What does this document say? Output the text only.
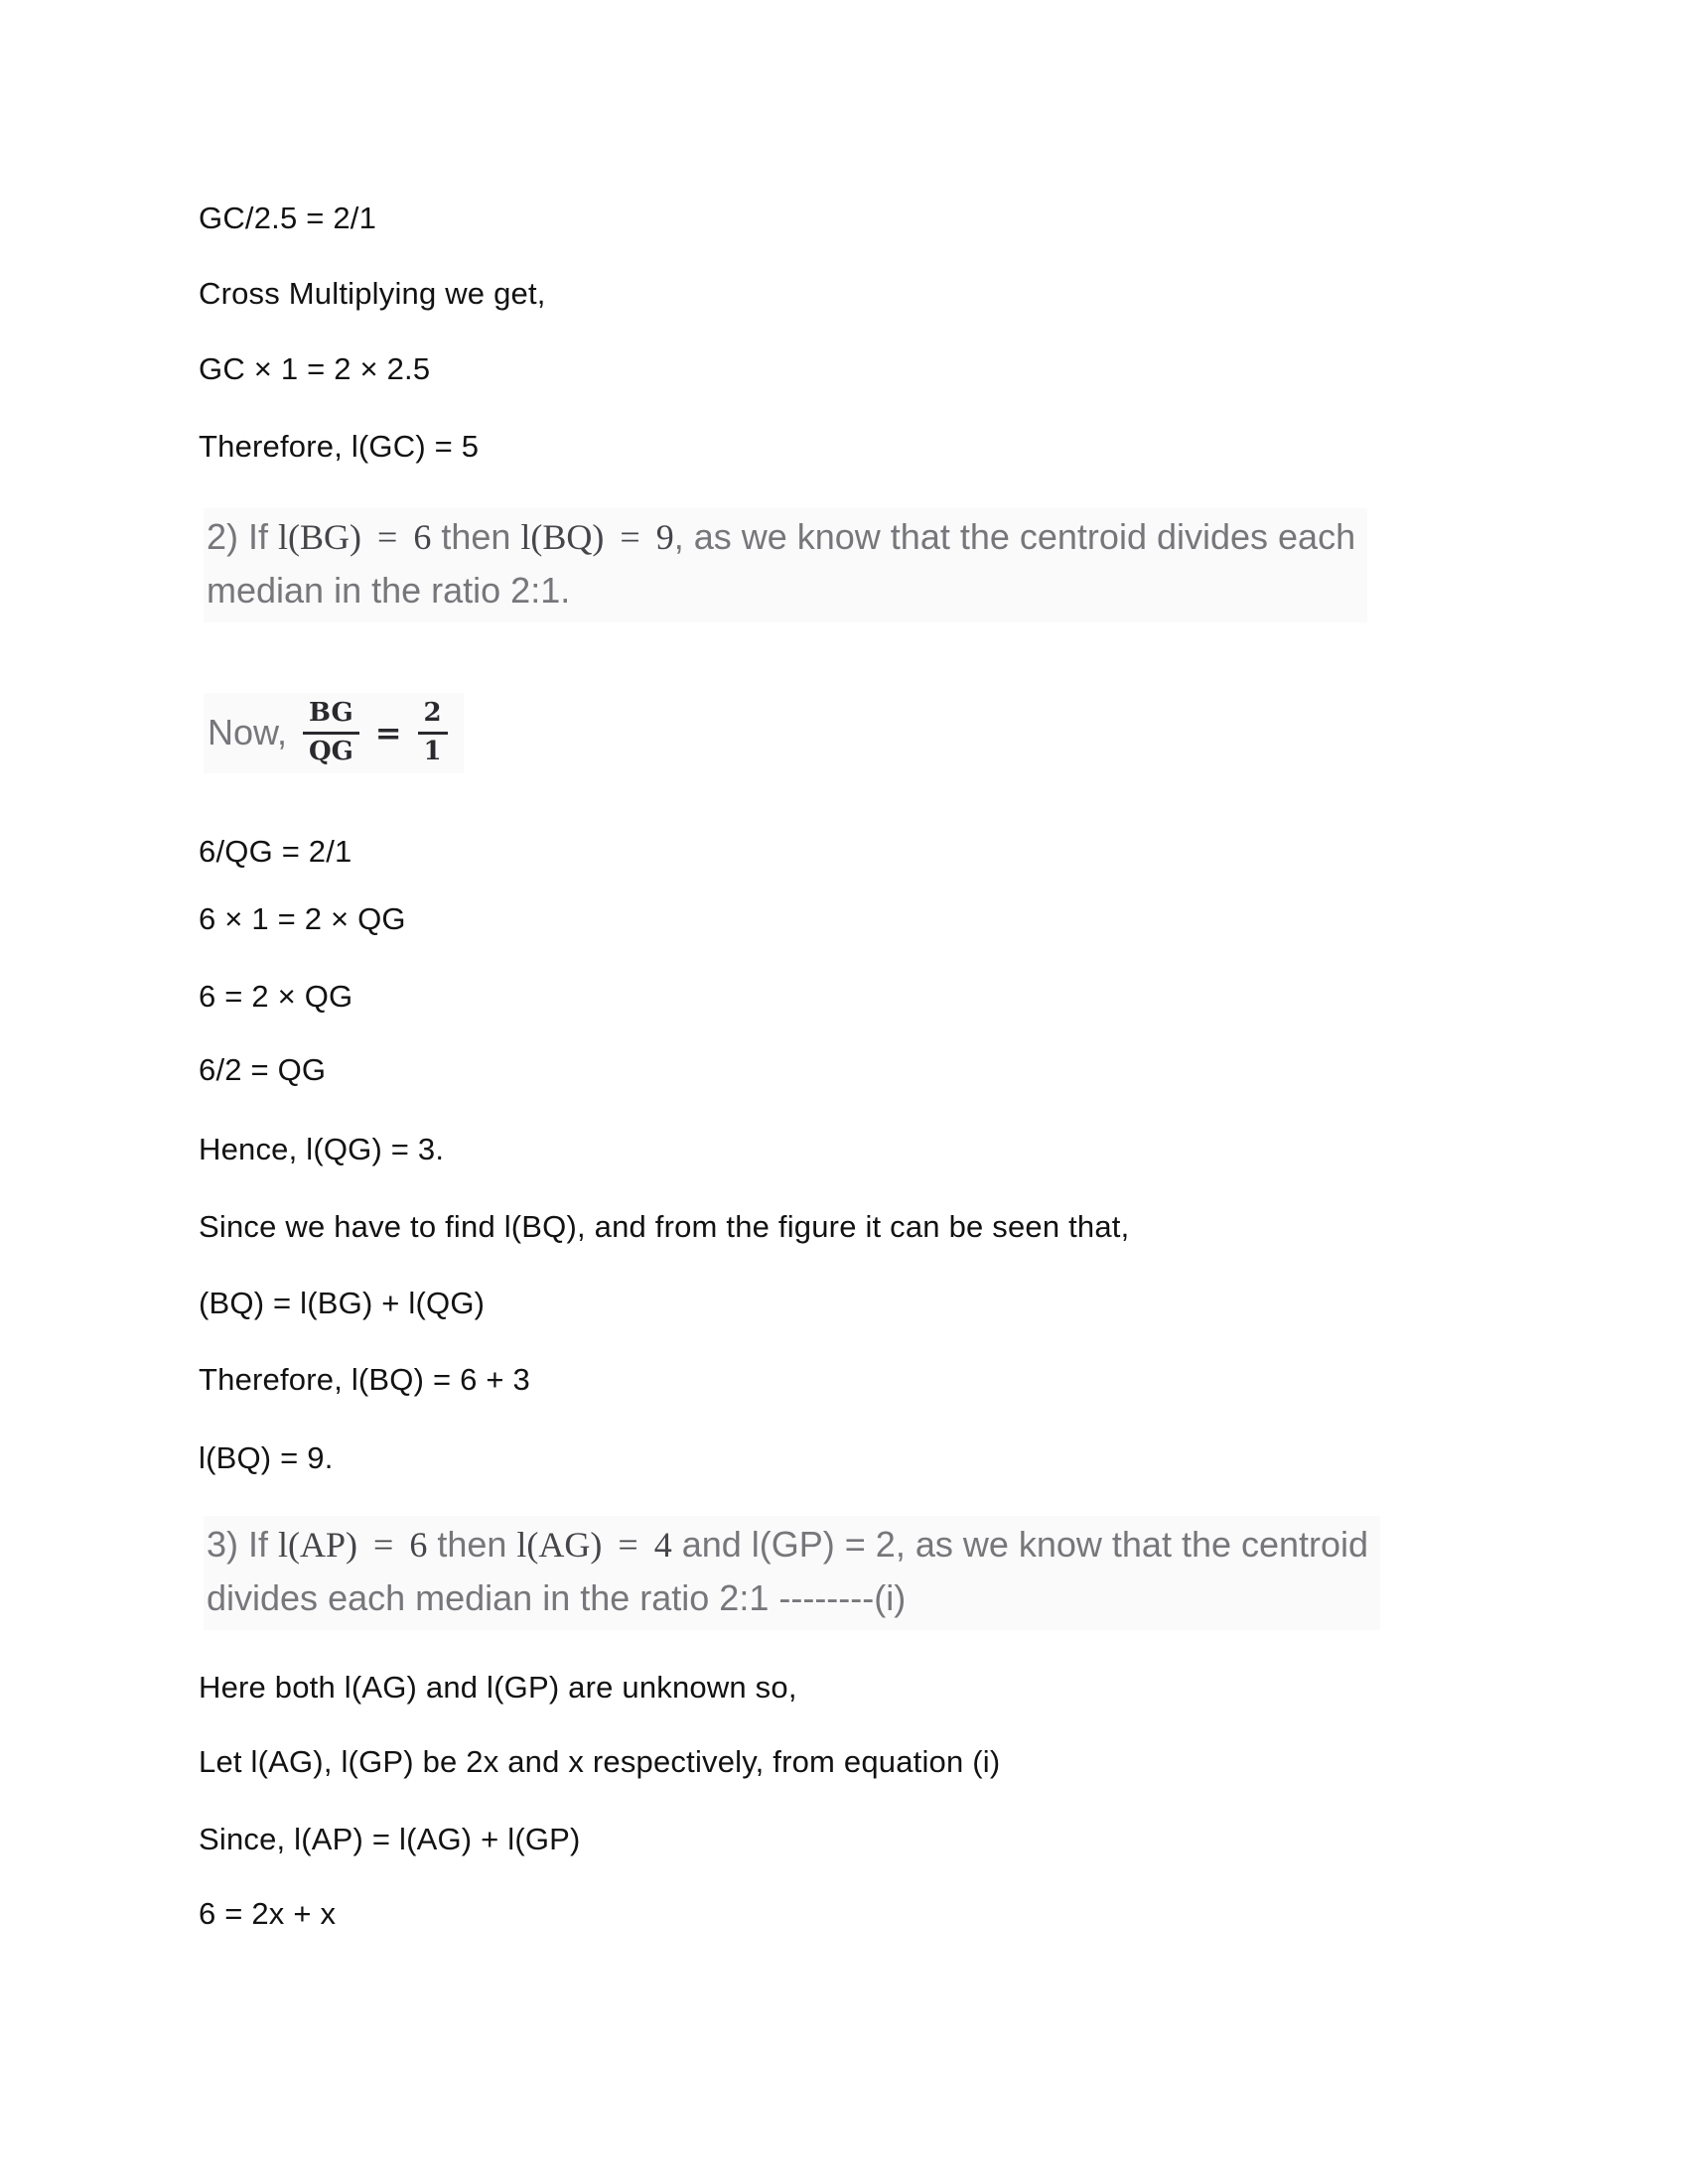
GC/2.5 = 2/1
Cross Multiplying we get,
GC × 1 = 2 × 2.5
Therefore, l(GC) = 5
2) If l(BG) = 6 then l(BQ) = 9, as we know that the centroid divides each
median in the ratio 2:1.
Now, $\frac{BG}{QG} = \frac{2}{1}$
6/QG = 2/1
6 × 1 = 2 × QG
6 = 2 × QG
6/2 = QG
Hence, l(QG) = 3.
Since we have to find l(BQ), and from the figure it can be seen that,
(BQ) = l(BG) + l(QG)
Therefore, l(BQ) = 6 + 3
l(BQ) = 9.
3) If l(AP) = 6 then l(AG) = 4 and l(GP) = 2, as we know that the centroid
divides each median in the ratio 2:1 --------(i)
Here both l(AG) and l(GP) are unknown so,
Let l(AG), l(GP) be 2x and x respectively, from equation (i)
Since, l(AP) = l(AG) + l(GP)
6 = 2x + x
